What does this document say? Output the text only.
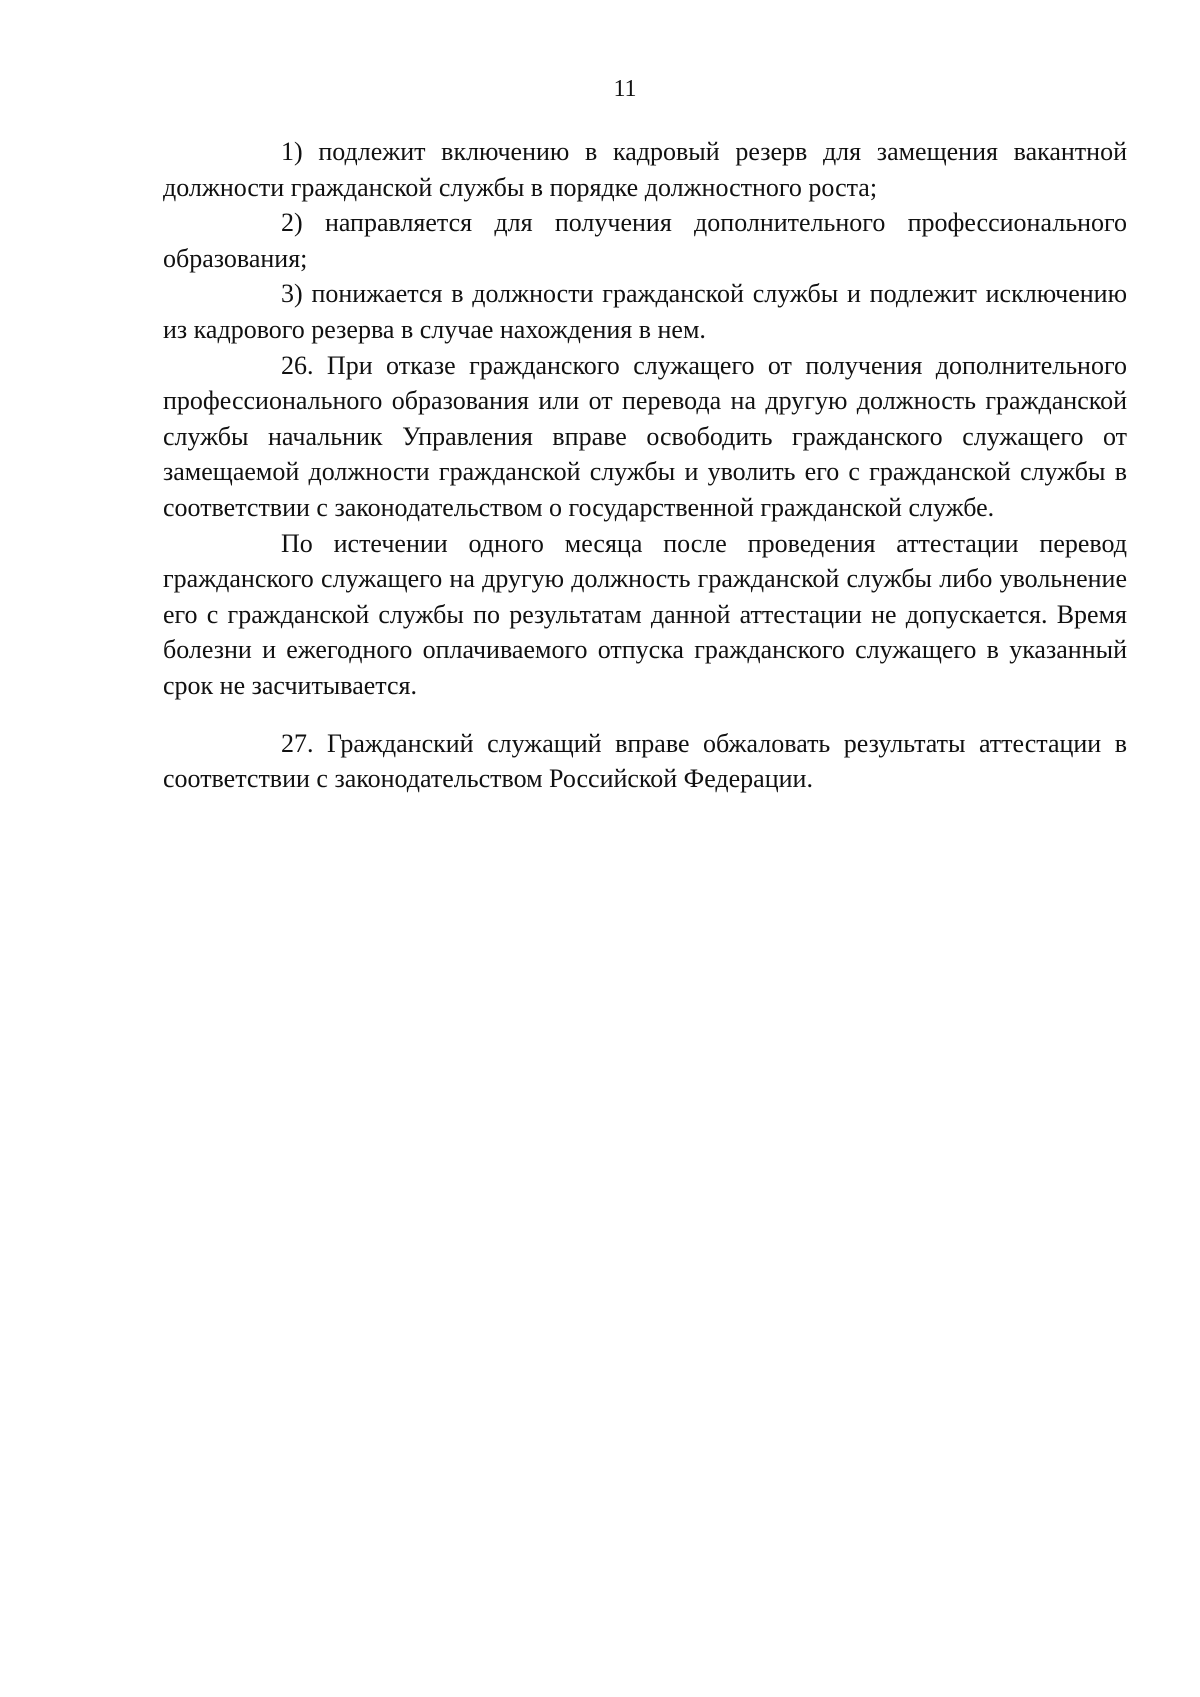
11

1) подлежит включению в кадровый резерв для замещения вакантной должности гражданской службы в порядке должностного роста;

2) направляется для получения дополнительного профессионального образования;

3) понижается в должности гражданской службы и подлежит исключению из кадрового резерва в случае нахождения в нем.

26. При отказе гражданского служащего от получения дополнительного профессионального образования или от перевода на другую должность гражданской службы начальник Управления вправе освободить гражданского служащего от замещаемой должности гражданской службы и уволить его с гражданской службы в соответствии с законодательством о государственной гражданской службе.

По истечении одного месяца после проведения аттестации перевод гражданского служащего на другую должность гражданской службы либо увольнение его с гражданской службы по результатам данной аттестации не допускается. Время болезни и ежегодного оплачиваемого отпуска гражданского служащего в указанный срок не засчитывается.

27. Гражданский служащий вправе обжаловать результаты аттестации в соответствии с законодательством Российской Федерации.
